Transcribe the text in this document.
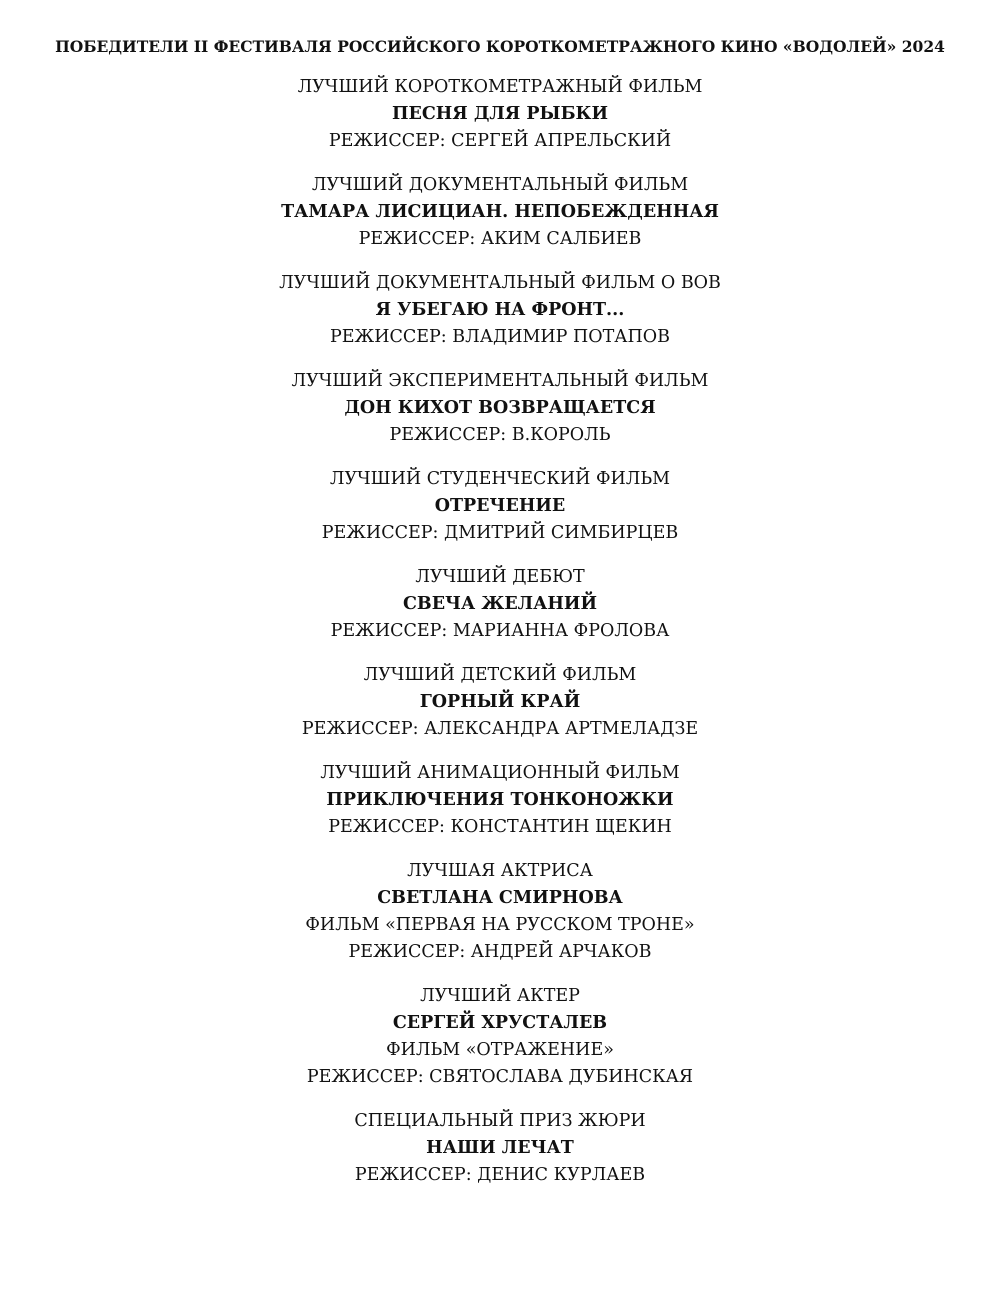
ПОБЕДИТЕЛИ II ФЕСТИВАЛЯ РОССИЙСКОГО КОРОТКОМЕТРАЖНОГО КИНО «ВОДОЛЕЙ» 2024
ЛУЧШИЙ КОРОТКОМЕТРАЖНЫЙ ФИЛЬМ
ПЕСНЯ ДЛЯ РЫБКИ
РЕЖИССЕР: СЕРГЕЙ АПРЕЛЬСКИЙ
ЛУЧШИЙ ДОКУМЕНТАЛЬНЫЙ ФИЛЬМ
ТАМАРА ЛИСИЦИАН. НЕПОБЕЖДЕННАЯ
РЕЖИССЕР: АКИМ САЛБИЕВ
ЛУЧШИЙ ДОКУМЕНТАЛЬНЫЙ ФИЛЬМ О ВОВ
Я УБЕГАЮ НА ФРОНТ...
РЕЖИССЕР: ВЛАДИМИР ПОТАПОВ
ЛУЧШИЙ ЭКСПЕРИМЕНТАЛЬНЫЙ ФИЛЬМ
ДОН КИХОТ ВОЗВРАЩАЕТСЯ
РЕЖИССЕР: В.КОРОЛЬ
ЛУЧШИЙ СТУДЕНЧЕСКИЙ ФИЛЬМ
ОТРЕЧЕНИЕ
РЕЖИССЕР: ДМИТРИЙ СИМБИРЦЕВ
ЛУЧШИЙ ДЕБЮТ
СВЕЧА ЖЕЛАНИЙ
РЕЖИССЕР: МАРИАННА ФРОЛОВА
ЛУЧШИЙ ДЕТСКИЙ ФИЛЬМ
ГОРНЫЙ КРАЙ
РЕЖИССЕР: АЛЕКСАНДРА АРТМЕЛАДЗЕ
ЛУЧШИЙ АНИМАЦИОННЫЙ ФИЛЬМ
ПРИКЛЮЧЕНИЯ ТОНКОНОЖКИ
РЕЖИССЕР: КОНСТАНТИН ЩЕКИН
ЛУЧШАЯ АКТРИСА
СВЕТЛАНА СМИРНОВА
ФИЛЬМ «ПЕРВАЯ НА РУССКОМ ТРОНЕ»
РЕЖИССЕР: АНДРЕЙ АРЧАКОВ
ЛУЧШИЙ АКТЕР
СЕРГЕЙ ХРУСТАЛЕВ
ФИЛЬМ «ОТРАЖЕНИЕ»
РЕЖИССЕР: СВЯТОСЛАВА ДУБИНСКАЯ
СПЕЦИАЛЬНЫЙ ПРИЗ ЖЮРИ
НАШИ ЛЕЧАТ
РЕЖИССЕР: ДЕНИС КУРЛАЕВ
